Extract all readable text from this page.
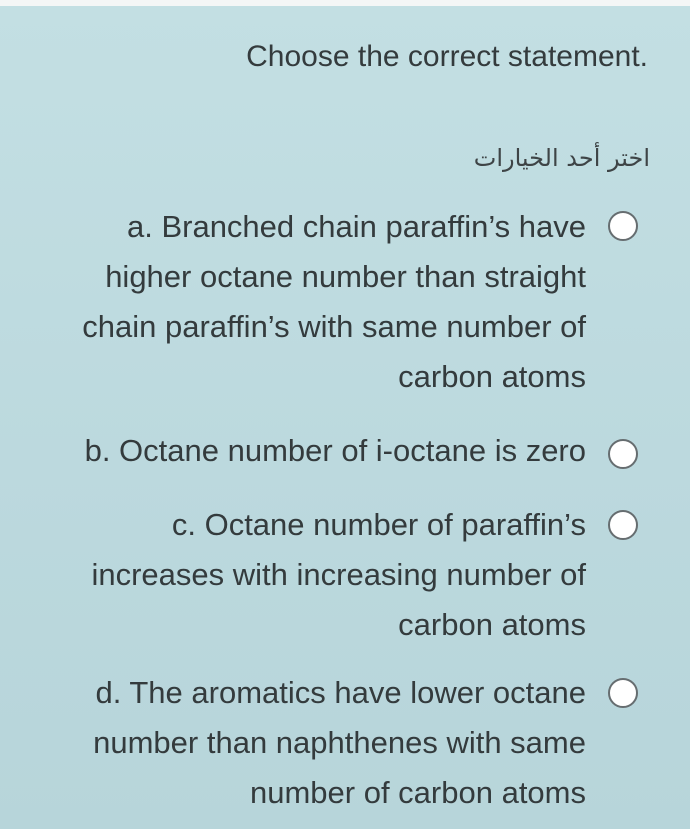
.Choose the correct statement

اختر أحد الخيارات

a. Branched chain paraffin’s have
higher octane number than straight
chain paraffin’s with same number of
carbon atoms

b. Octane number of i-octane is zero

c. Octane number of paraffin’s
increases with increasing number of
carbon atoms

d. The aromatics have lower octane
number than naphthenes with same
number of carbon atoms
